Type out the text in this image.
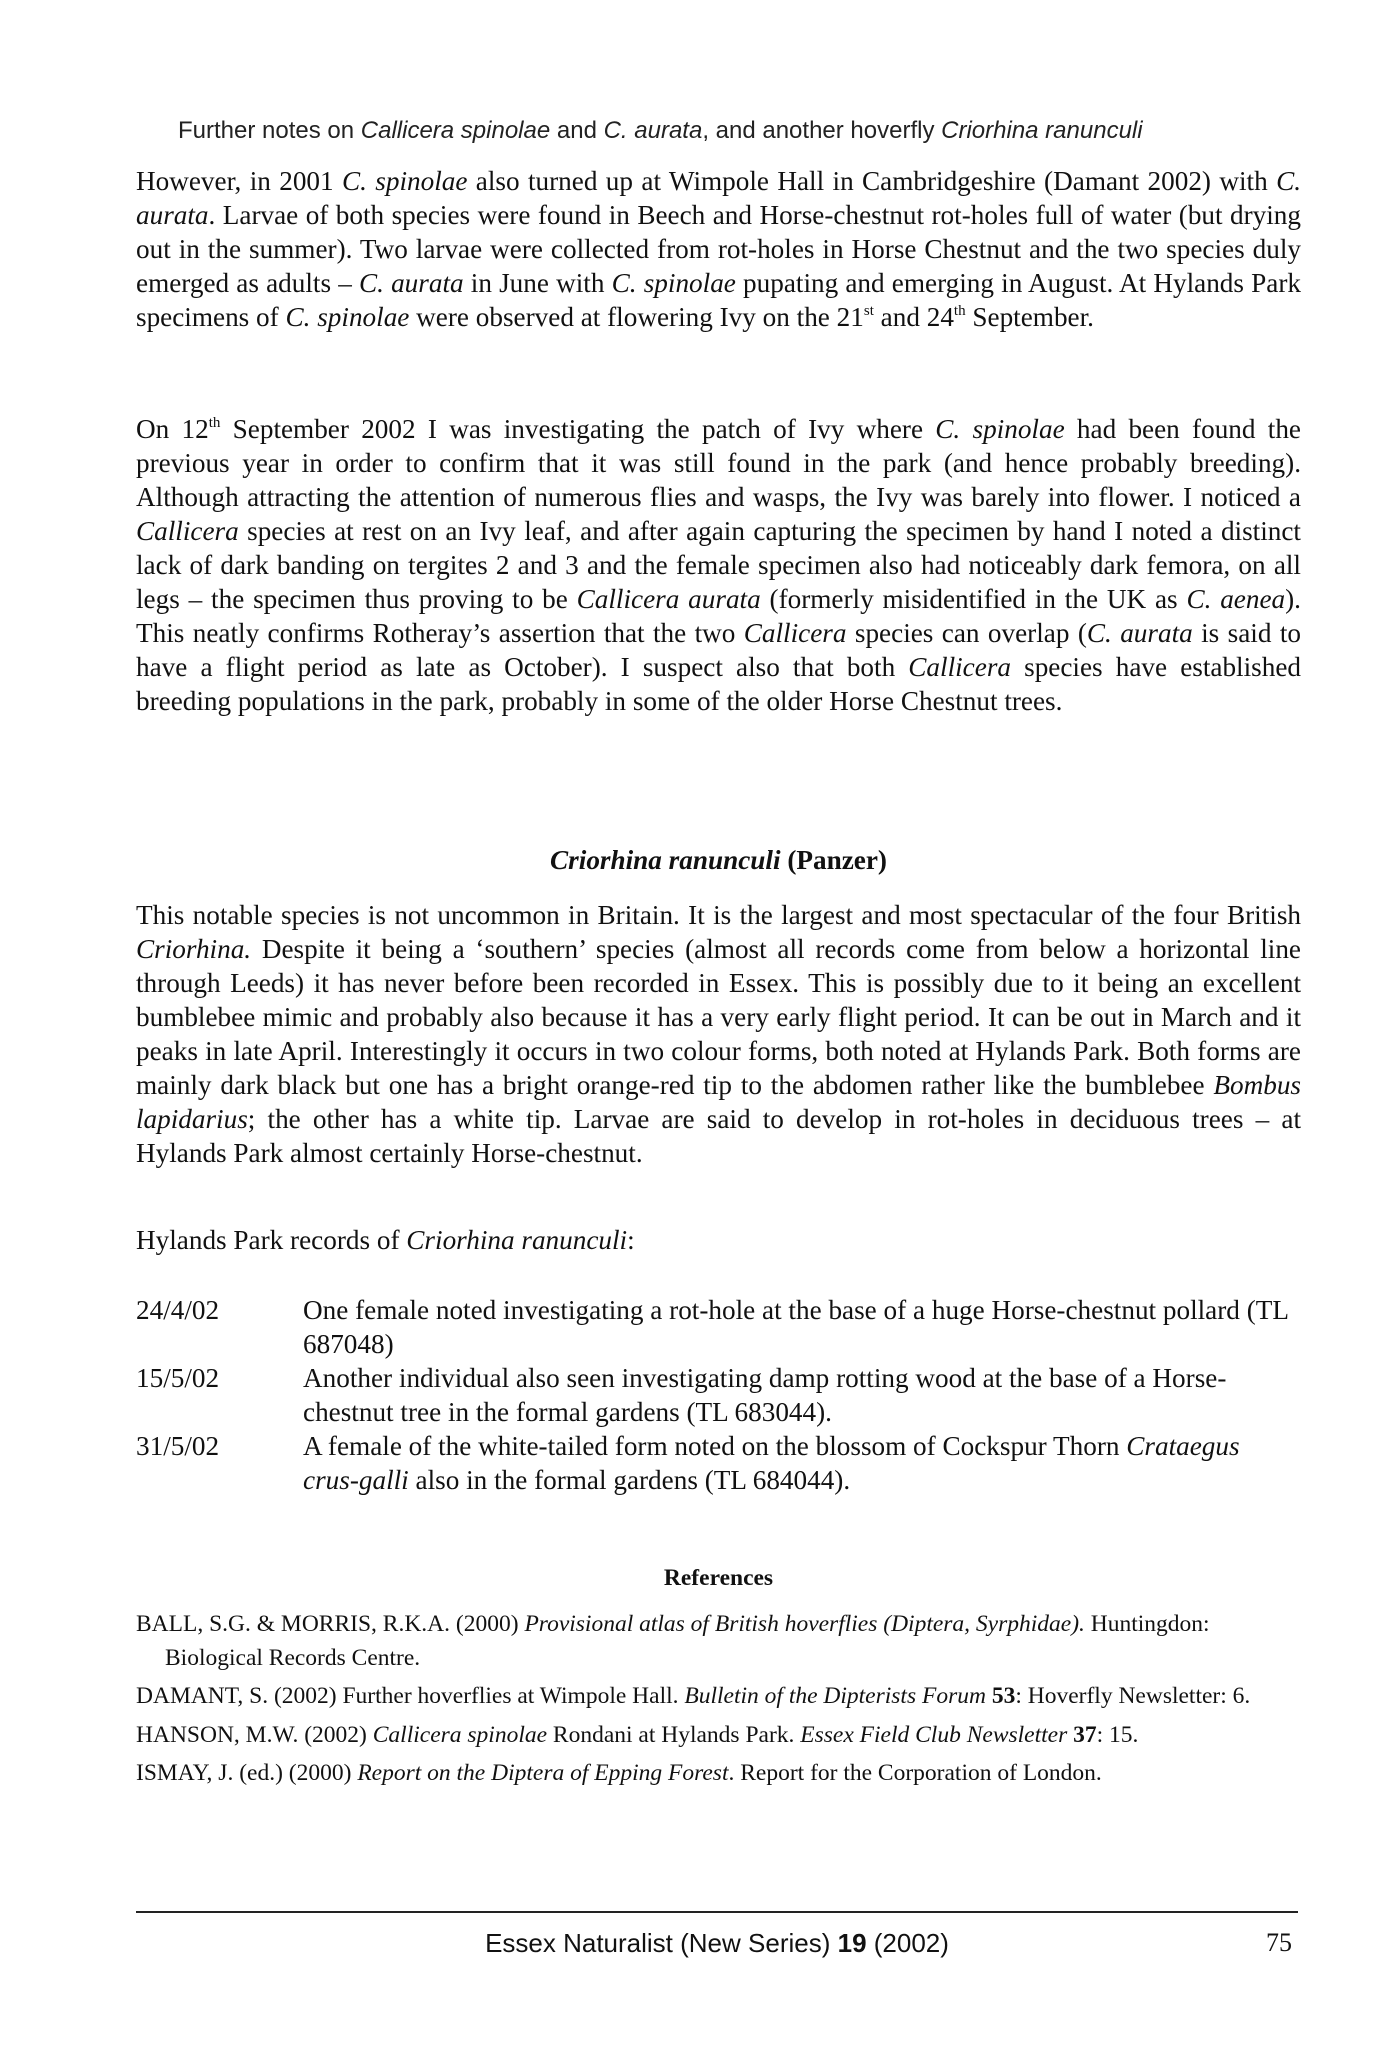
Further notes on Callicera spinolae and C. aurata, and another hoverfly Criorhina ranunculi

However, in 2001 C. spinolae also turned up at Wimpole Hall in Cambridgeshire (Damant 2002) with C. aurata. Larvae of both species were found in Beech and Horse-chestnut rot-holes full of water (but drying out in the summer). Two larvae were collected from rot-holes in Horse Chestnut and the two species duly emerged as adults – C. aurata in June with C. spinolae pupating and emerging in August. At Hylands Park specimens of C. spinolae were observed at flowering Ivy on the 21st and 24th September.

On 12th September 2002 I was investigating the patch of Ivy where C. spinolae had been found the previous year in order to confirm that it was still found in the park (and hence probably breeding). Although attracting the attention of numerous flies and wasps, the Ivy was barely into flower. I noticed a Callicera species at rest on an Ivy leaf, and after again capturing the specimen by hand I noted a distinct lack of dark banding on tergites 2 and 3 and the female specimen also had noticeably dark femora, on all legs – the specimen thus proving to be Callicera aurata (formerly misidentified in the UK as C. aenea). This neatly confirms Rotheray’s assertion that the two Callicera species can overlap (C. aurata is said to have a flight period as late as October). I suspect also that both Callicera species have established breeding populations in the park, probably in some of the older Horse Chestnut trees.

Criorhina ranunculi (Panzer)

This notable species is not uncommon in Britain. It is the largest and most spectacular of the four British Criorhina. Despite it being a ‘southern’ species (almost all records come from below a horizontal line through Leeds) it has never before been recorded in Essex. This is possibly due to it being an excellent bumblebee mimic and probably also because it has a very early flight period. It can be out in March and it peaks in late April. Interestingly it occurs in two colour forms, both noted at Hylands Park. Both forms are mainly dark black but one has a bright orange-red tip to the abdomen rather like the bumblebee Bombus lapidarius; the other has a white tip. Larvae are said to develop in rot-holes in deciduous trees – at Hylands Park almost certainly Horse-chestnut.

Hylands Park records of Criorhina ranunculi:

24/4/02	One female noted investigating a rot-hole at the base of a huge Horse-chestnut pollard (TL 687048)
15/5/02	Another individual also seen investigating damp rotting wood at the base of a Horse-chestnut tree in the formal gardens (TL 683044).
31/5/02	A female of the white-tailed form noted on the blossom of Cockspur Thorn Crataegus crus-galli also in the formal gardens (TL 684044).
References

BALL, S.G. & MORRIS, R.K.A. (2000) Provisional atlas of British hoverflies (Diptera, Syrphidae). Huntingdon: Biological Records Centre.

DAMANT, S. (2002) Further hoverflies at Wimpole Hall. Bulletin of the Dipterists Forum 53: Hoverfly Newsletter: 6.

HANSON, M.W. (2002) Callicera spinolae Rondani at Hylands Park. Essex Field Club Newsletter 37: 15.

ISMAY, J. (ed.) (2000) Report on the Diptera of Epping Forest. Report for the Corporation of London.

Essex Naturalist (New Series) 19 (2002)	75
